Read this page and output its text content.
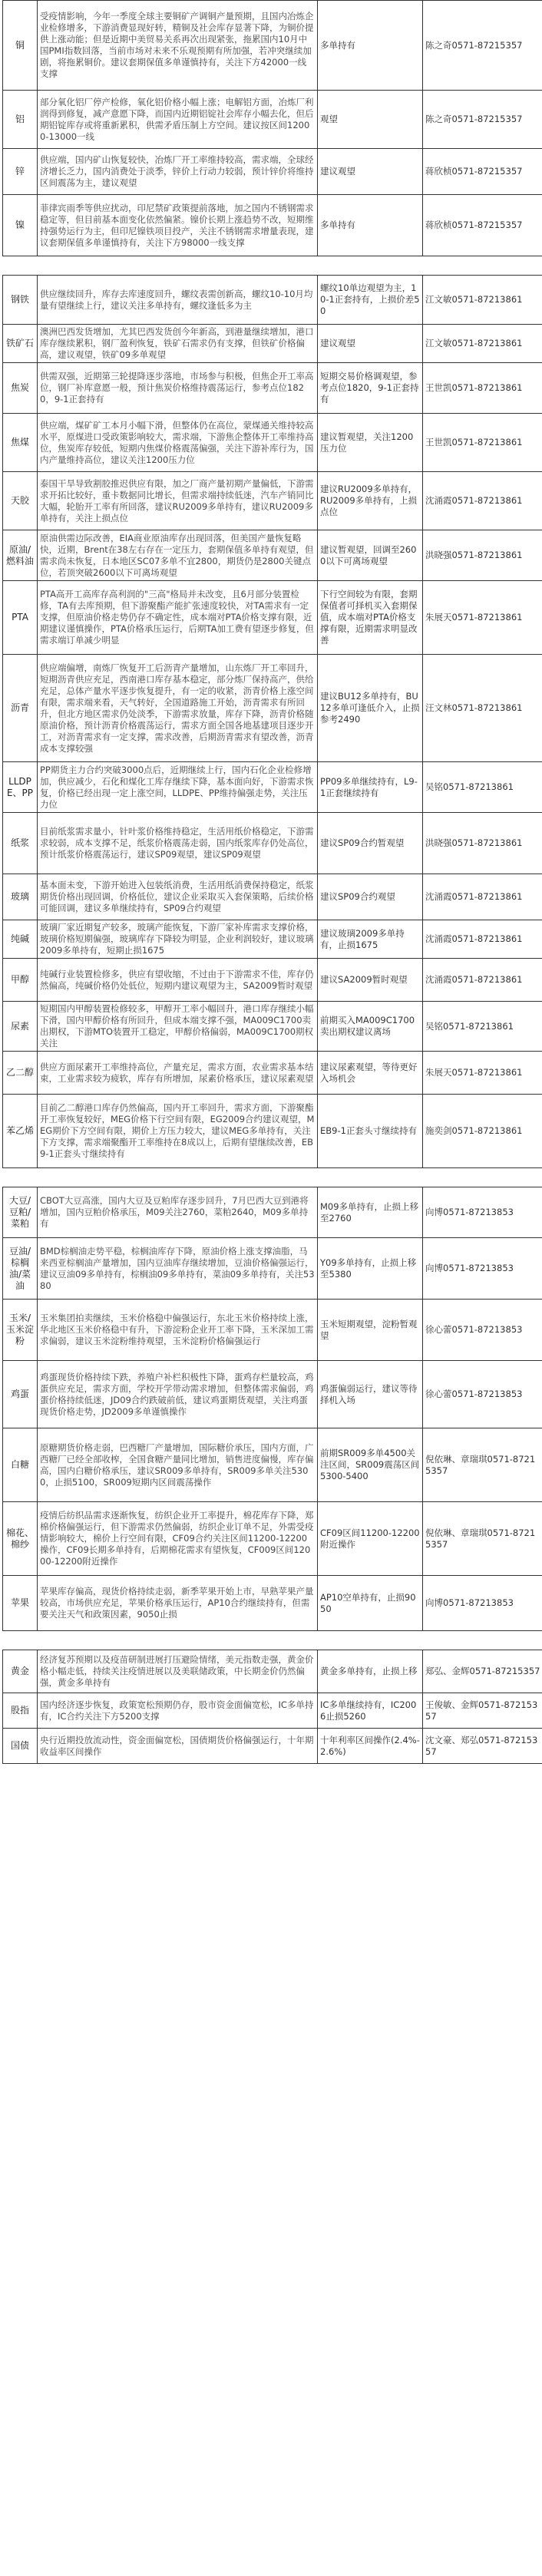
铜	受疫情影响，今年一季度全球主要铜矿产调铜产量预期，且国内冶炼企业检修增多，下游消费显现好转，精铜及社会库存显著下降，为铜价提供上涨动能；但是近期中美贸易关系再次出现紧张，拖累国内10月中国PMI指数回落，当前市场对未来不乐观预期有所加强，若冲突继续加剧，将拖累铜价。建议套期保值多单谨慎持有，关注下方42000一线支撑	多单持有	陈之奇0571-87215357
铝	部分氧化铝厂停产检修，氧化铝价格小幅上涨；电解铝方面，冶炼厂利润得到修复，减产意愿下降，而国内近期铝锭社会库存小幅去化，但后期铝锭库存或将重新累积，供需矛盾压制上方空间。建议按区间12000-13000一线	观望	陈之奇0571-87215357
锌	供应端，国内矿山恢复较快，冶炼厂开工率维持较高，需求端，全球经济增长乏力，国内消费处于淡季，锌价上行动力较弱，预计锌价将维持区间震荡为主，建议观望	建议观望	蒋欣桢0571-87215357
镍	菲律宾雨季等供应扰动，印尼禁矿政策提前落地，加之国内不锈钢需求稳定等，但目前基本面变化依然偏紧。镍价长期上涨趋势不改，短期维持强势运行为主，但印尼镍铁项目投产，关注不锈钢需求增量表现，建议套期保值多单谨慎持有，关注下方98000一线支撑	多单持有	蒋欣桢0571-87215357

钢铁	供应继续回升，库存去库速度回升，螺纹表需创新高，螺纹10-10月均量有望继续上行，建议关注多单持有，螺纹逢低多为主	螺纹10单边观望为主，10-1正套持有，上损价差50	江文敏0571-87213861
铁矿石	澳洲巴西发货增加，尤其巴西发货创今年新高，到港量继续增加，港口库存继续累积，钢厂盈利恢复，铁矿石需求仍有支撑，但铁矿价格偏高，建议观望，铁矿09多单观望	建议观望	江文敏0571-87213861
焦炭	供需双强，近期第三轮提降逐步落地，市场参与积极，但焦企开工率高位，钢厂补库意愿一般，预计焦炭价格维持震荡运行，参考点位1820，9-1正套持有	短期交易价格调观望，参考点位1820，9-1正套持有	王世凯0571-87213861
焦煤	供应端，煤矿矿工本月小幅下滑，但整体仍在高位，蒙煤通关维持较高水平，原煤进口受政策影响较大，需求端，下游焦企整体开工率维持高位，焦炭库存较低，短期内焦煤价格震荡偏强，关注下游补库行为，国内产量维持高位，建议关注1200压力位	建议暂观望，关注1200压力位	王世凯0571-87213861
天胶	泰国干旱导致割胶推迟供应有限，加之厂商产量初期产量偏低，下游需求开拓比较好，重卡数据同比增长，但需求端持续低迷，汽车产销同比大幅，轮胎开工率有所回落，建议RU2009多单持有，建议RU2009多单持有，关注上损点位	建议RU2009多单持有，RU2009多单持有，上损点位	沈涌霞0571-87213861
原油/燃料油	原油供需边际改善，EIA商业原油库存出现回落，但美国产量恢复略快，近期，Brent在38左右存在一定压力，套期保值多单持有观望，但需求尚未恢复，日本地区SC07多单不宜2800，期货仍是2800关键点位，若顶突破2600以下可离场观望	建议暂观望，回调至2600以下可离场观望	洪晓强0571-87213861
PTA	PTA高开工高库存高利润的"三高"格局并未改变，且6月部分装置检修，TA有去库预期，但下游聚酯产能扩张速度较快，对TA需求有一定支撑，但原油价格走势仍存不确定性，成本端对PTA价格支撑有限，近期建议谨慎操作，PTA价格承压运行，后期TA加工费有望逐步修复，但需求端订单减少明显	下行空间较为有限，套期保值者可择机买入套期保值，成本端对PTA价格支撑有限，近期需求明显改善	朱展天0571-87213861
沥青	供应端偏增，南炼厂恢复开工后沥青产量增加，山东炼厂开工率回升，短期沥青供应充足，西南港口库存基本稳定，部分炼厂保持高产，供给充足，总体产量水平逐步恢复提升，有一定的收紧，沥青价格上涨空间有限，需求端来看，天气转好，全国道路施工开始，沥青需求有所回升，但北方地区需求仍处淡季，下游需求放量，库存下降，沥青价格随原油价格，预计沥青价格震荡运行，需求方面全国各地基建项目逐步开工，对沥青需求有一定支撑，需求改善，后期沥青需求有望改善，沥青成本支撑较强	建议BU12多单持有，BU12多单可逢低介入，止损参考2490	汪文林0571-87213861
LLDPE、PP	PP期货主力合约突破3000点后，近期继续上行，国内石化企业检修增加，供应减少，石化和煤化工库存继续下降，基本面向好，下游需求恢复，价格已经出现一定上涨空间，LLDPE、PP维持偏强走势，关注压力位	PP09多单继续持有，L9-1正套继续持有	吴铭0571-87213861
纸浆	目前纸浆需求量小，针叶浆价格维持稳定，生活用纸价格稳定，下游需求较弱，成本支撑不足，纸浆价格震荡走弱，国内纸浆库存仍处高位，预计纸浆价格震荡运行，建议SP09观望，建议SP09观望	建议SP09合约暂观望	洪晓强0571-87213861
玻璃	基本面未变，下游开始进入包装纸消费，生活用纸消费保持稳定，纸浆期货价格出现回调，价格低位，建议企业采取买入套保策略，后续价格可能回调，建议多单继续持有，SP09合约观望	建议SP09合约观望	沈涌霞0571-87213861
纯碱	玻璃厂家近期复产较多，玻璃产能恢复，下游厂家补库需求支撑价格，玻璃价格短期偏强，玻璃库存下降较为明显，企业利润较好，建议玻璃2009多单持有，短期止损1675	建议玻璃2009多单持有，止损1675	沈涌霞0571-87213861
甲醇	纯碱行业装置检修多，供应有望收缩，不过由于下游需求不佳，库存仍然偏高，纯碱价格仍处低位，短期内建议观望为主，SA2009暂时观望	建议SA2009暂时观望	沈涌霞0571-87213861
尿素	短期国内甲醇装置检修较多，甲醇开工率小幅回升，港口库存继续小幅下滑，国内甲醇价格有所回升，但成本端支撑不强，MA009C1700卖出期权，下游MTO装置开工稳定，甲醇价格偏弱，MA009C1700期权关注	前期买入MA009C1700卖出期权建议离场	吴铭0571-87213861
乙二醇	供应方面尿素开工率维持高位，产量充足，需求方面，农业需求基本结束，工业需求较为疲软，库存有所增加，尿素价格承压，建议尿素观望	建议尿素观望，等待更好入场机会	朱展天0571-87213861
苯乙烯	目前乙二醇港口库存仍然偏高，国内开工率回升，需求方面，下游聚酯开工率恢复较好，MEG价格下行空间有限，EG2009合约建议观望，MEG期价下方空间有限，期价上方压力较大，建议MEG多单持有，关注下方支撑，需求端聚酯开工率维持在8成以上，后期有望继续改善，EB9-1正套头寸继续持有	EB9-1正套头寸继续持有	施奕剑0571-87213861

大豆/豆粕/菜粕	CBOT大豆高涨，国内大豆及豆粕库存逐步回升，7月巴西大豆到港将增加，国内豆粕价格承压，M09关注2760，菜粕2640，M09多单持有	M09多单持有，止损上移至2760	向博0571-87213853
豆油/棕榈油/菜油	BMD棕榈油走势平稳，棕榈油库存下降，原油价格上涨支撑油脂，马来西亚棕榈油产量增加，国内豆油库存继续增加，豆油价格偏强运行，建议豆油09多单持有，棕榈油09多单持有，菜油09多单持有，关注5380	Y09多单持有，止损上移至5380	向博0571-87213853
玉米/玉米淀粉	玉米集团拍卖继续，玉米价格稳中偏强运行，东北玉米价格持续上涨，华北地区玉米价格稳中有升，下游淀粉企业开工率下降，玉米深加工需求偏弱，建议玉米淀粉维持观望，玉米淀粉价格偏强运行	玉米短期观望，淀粉暂观望	徐心蕾0571-87213853
鸡蛋	鸡蛋现货价格持续下跌，养殖户补栏积极性下降，蛋鸡存栏量较高，鸡蛋供应充足，需求方面，学校开学带动需求增加，但整体需求偏弱，鸡蛋价格持续低迷，JD09合约跌破前低，建议鸡蛋期货观望，关注鸡蛋现货价格走势，JD2009多单谨慎操作	鸡蛋偏弱运行，建议等待择机入场	徐心蕾0571-87213853
白糖	原糖期货价格走弱，巴西糖厂产量增加，国际糖价承压，国内方面，广西糖厂已经全部收榨，全国食糖产量同比增加，销售进度偏慢，库存偏高，国内白糖价格承压，建议SR009多单持有，SR009多单关注5300，止损5100，SR009短期内区间震荡操作	前期SR009多单4500关注区间，SR009震荡区间5300-5400	倪依琳、章瑞琪0571-87215357
棉花、棉纱	疫情后纺织品需求逐渐恢复，纺织企业开工率提升，棉花库存下降，郑棉价格偏强运行，但下游需求仍然偏弱，纺织企业订单不足，外需受疫情影响较大，棉价上行空间有限，CF09合约关注区间11200-12200操作，CF09长期多单持有，后期棉花需求有望恢复，CF009区间12000-12200附近操作	CF09区间11200-12200附近操作	倪依琳、章瑞琪0571-87215357
苹果	苹果库存偏高，现货价格持续走弱，新季苹果开始上市，早熟苹果产量较高，市场供应充足，苹果价格承压运行，AP10合约继续持有，但需要关注天气和政策因素，9050止损	AP10空单持有，止损9050	向博0571-87213853

黄金	经济复苏预期以及疫苗研制进展打压避险情绪，美元指数走强，黄金价格小幅走低，持续关注疫情进展以及美联储政策，中长期金价仍然偏强，黄金多单持有	黄金多单持有，止损上移	郑弘、金辉0571-87215357
股指	国内经济逐步恢复，政策宽松预期仍存，股市资金面偏宽松，IC多单持有，IC合约关注下方5200支撑	IC多单继续持有，IC2006止损5260	王俊敏、金辉0571-87215357
国债	央行近期投放流动性，资金面偏宽松，国债期货价格偏强运行，十年期收益率区间操作	十年利率区间操作(2.4%-2.6%)	沈文豪、郑弘0571-87215357
